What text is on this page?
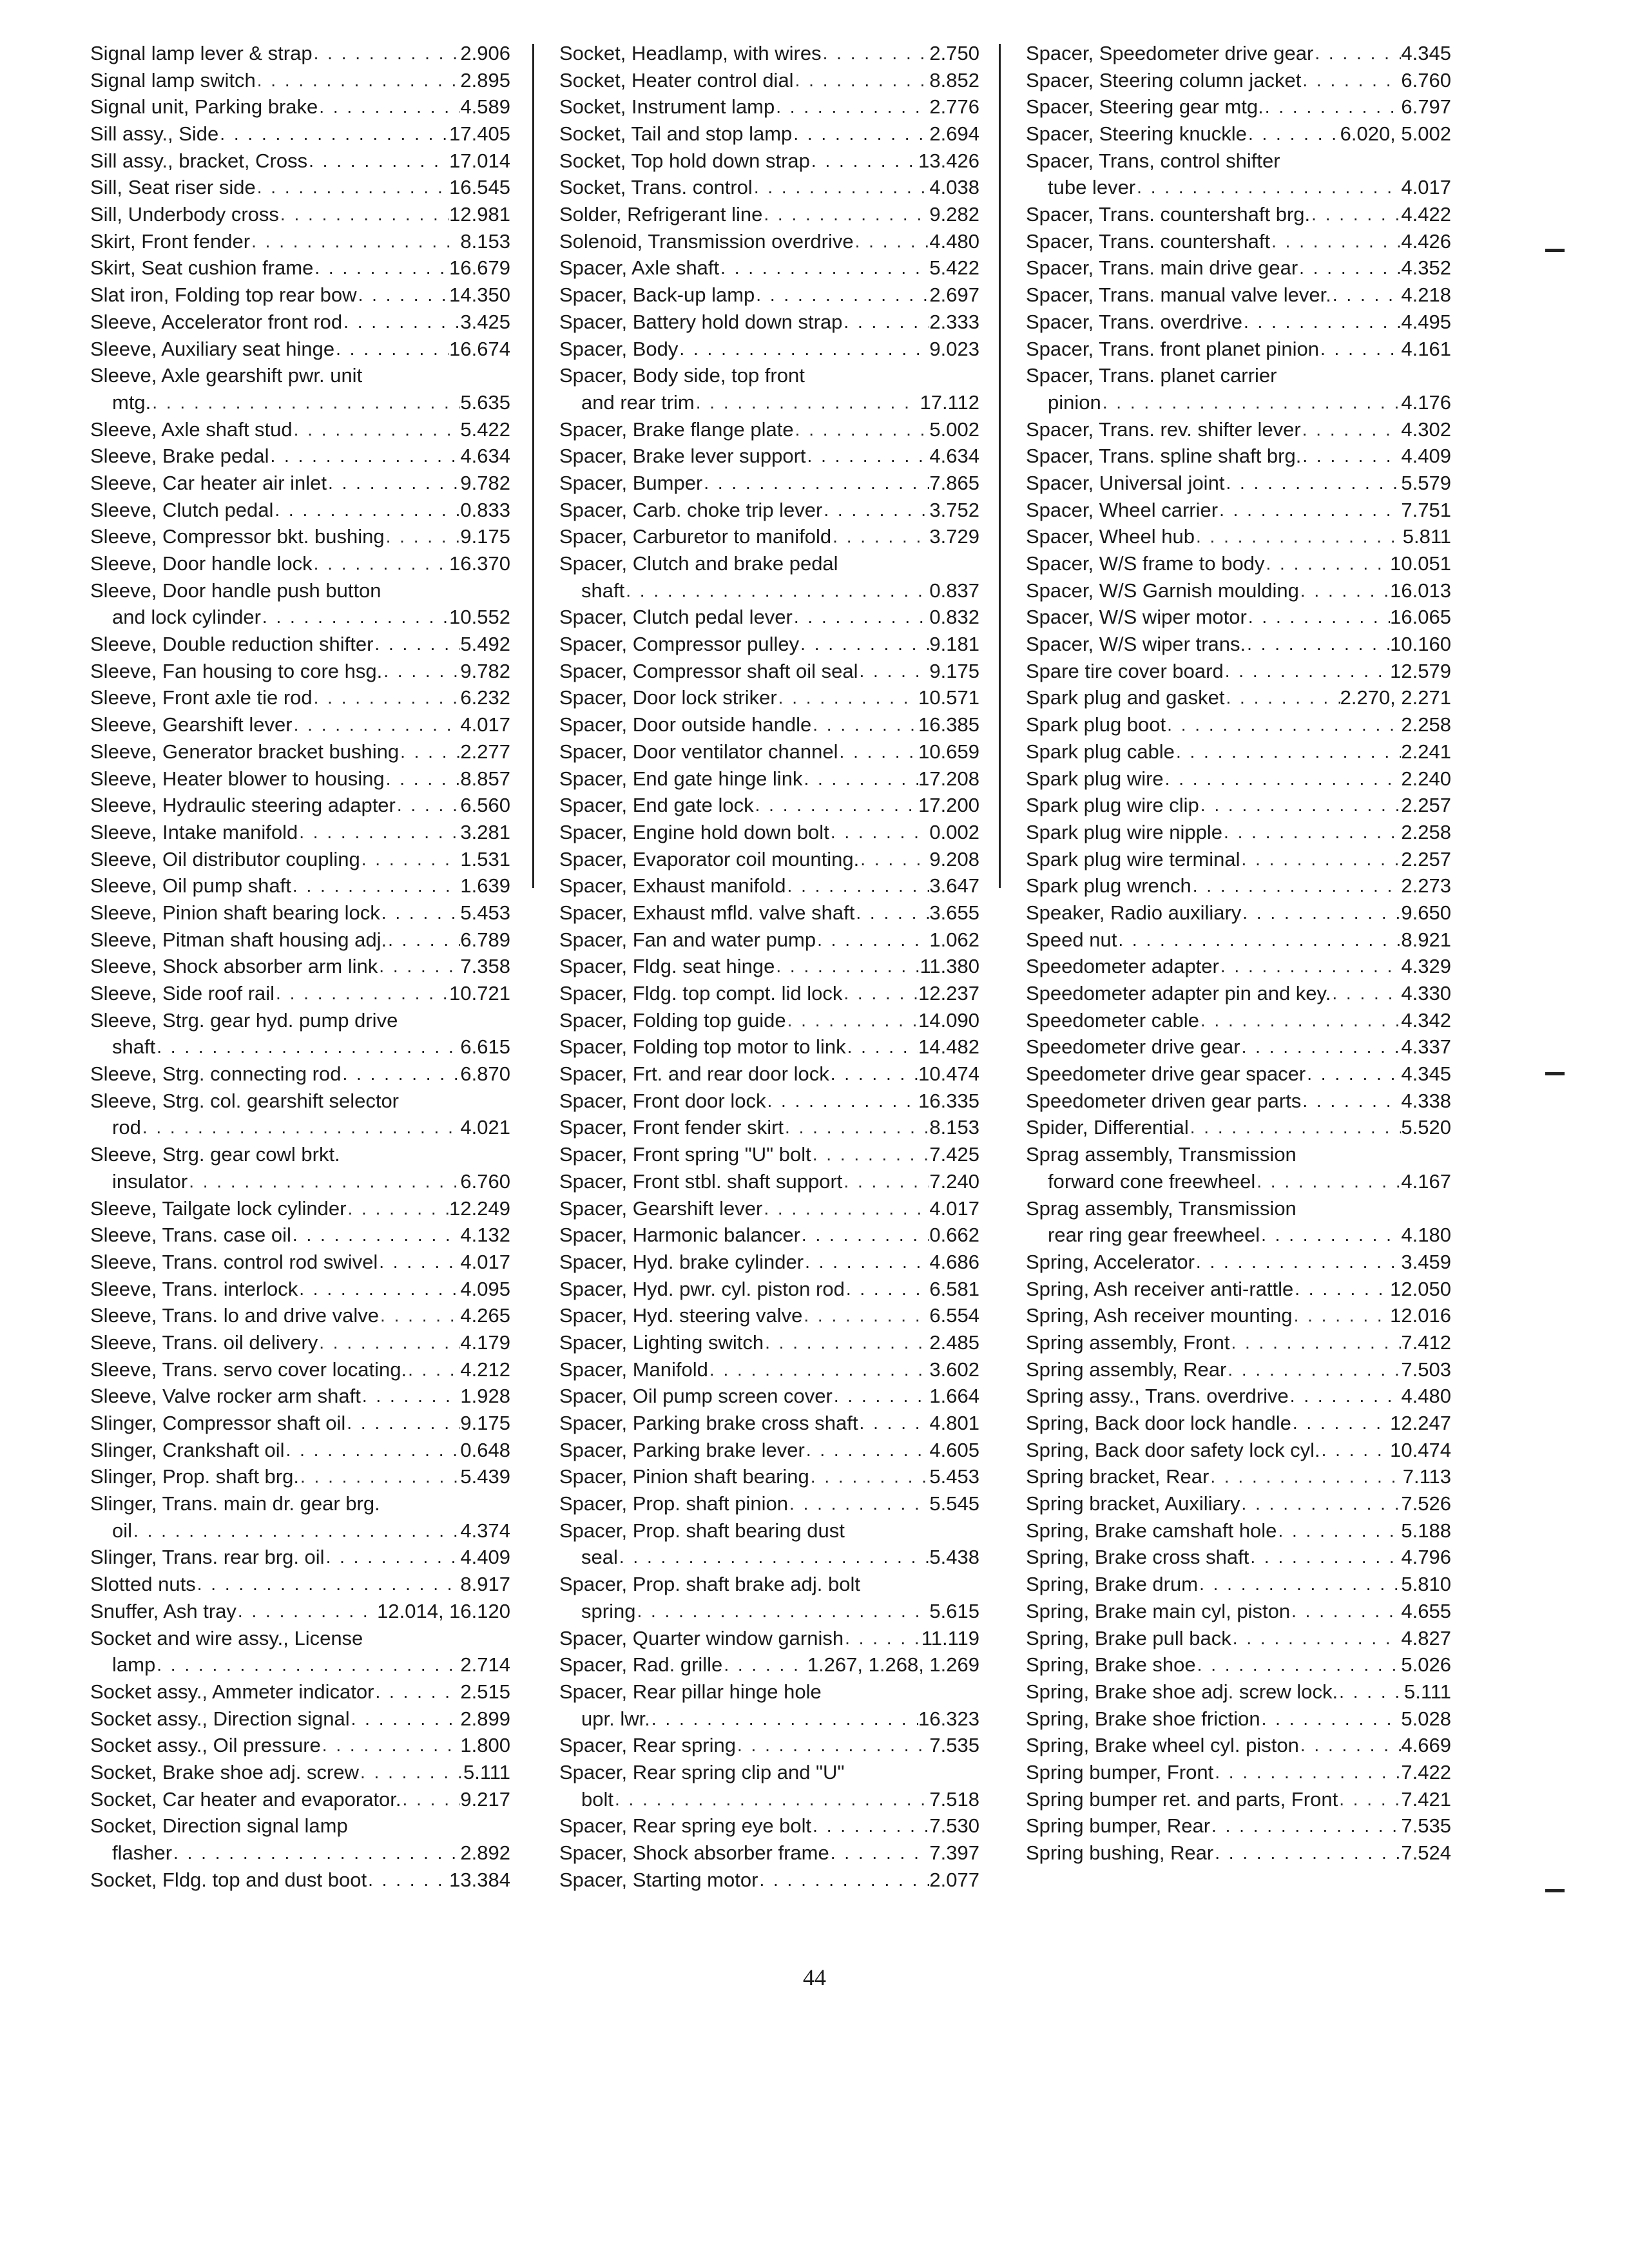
Signal lamp lever & strap . . .	2.906
Signal lamp switch . . .	2.895
Signal unit, Parking brake . . .	4.589
Sill assy., Side . . .	17.405
Sill assy., bracket, Cross . . .	17.014
Sill, Seat riser side . . .	16.545
Sill, Underbody cross . . .	12.981
Skirt, Front fender . . .	8.153
Skirt, Seat cushion frame . . .	16.679
Slat iron, Folding top rear bow . . .	14.350
Sleeve, Accelerator front rod . . .	3.425
Sleeve, Auxiliary seat hinge . . .	16.674
Sleeve, Axle gearshift pwr. unit
mtg. . . .	5.635
Sleeve, Axle shaft stud . . .	5.422
Sleeve, Brake pedal . . .	4.634
Sleeve, Car heater air inlet . . .	9.782
Sleeve, Clutch pedal . . .	0.833
Sleeve, Compressor bkt. bushing . . .	9.175
Sleeve, Door handle lock . . .	16.370
Sleeve, Door handle push button
and lock cylinder . . .	10.552
Sleeve, Double reduction shifter . . .	5.492
Sleeve, Fan housing to core hsg. . . .	9.782
Sleeve, Front axle tie rod . . .	6.232
Sleeve, Gearshift lever . . .	4.017
Sleeve, Generator bracket bushing . . .	2.277
Sleeve, Heater blower to housing . . .	8.857
Sleeve, Hydraulic steering adapter . . .	6.560
Sleeve, Intake manifold . . .	3.281
Sleeve, Oil distributor coupling . . .	1.531
Sleeve, Oil pump shaft . . .	1.639
Sleeve, Pinion shaft bearing lock . . .	5.453
Sleeve, Pitman shaft housing adj. . . .	6.789
Sleeve, Shock absorber arm link . . .	7.358
Sleeve, Side roof rail . . .	10.721
Sleeve, Strg. gear hyd. pump drive
shaft . . .	6.615
Sleeve, Strg. connecting rod . . .	6.870
Sleeve, Strg. col. gearshift selector
rod . . .	4.021
Sleeve, Strg. gear cowl brkt.
insulator . . .	6.760
Sleeve, Tailgate lock cylinder . . .	12.249
Sleeve, Trans. case oil . . .	4.132
Sleeve, Trans. control rod swivel . . .	4.017
Sleeve, Trans. interlock . . .	4.095
Sleeve, Trans. lo and drive valve . . .	4.265
Sleeve, Trans. oil delivery . . .	4.179
Sleeve, Trans. servo cover locating. . . .	4.212
Sleeve, Valve rocker arm shaft . . .	1.928
Slinger, Compressor shaft oil . . .	9.175
Slinger, Crankshaft oil . . .	0.648
Slinger, Prop. shaft brg. . . .	5.439
Slinger, Trans. main dr. gear brg.
oil . . .	4.374
Slinger, Trans. rear brg. oil . . .	4.409
Slotted nuts . . .	8.917
Snuffer, Ash tray . . .	12.014, 16.120
Socket and wire assy., License
lamp . . .	2.714
Socket assy., Ammeter indicator . . .	2.515
Socket assy., Direction signal . . .	2.899
Socket assy., Oil pressure . . .	1.800
Socket, Brake shoe adj. screw . . .	5.111
Socket, Car heater and evaporator. . . .	9.217
Socket, Direction signal lamp
flasher . . .	2.892
Socket, Fldg. top and dust boot . . .	13.384
Socket, Headlamp, with wires . . .	2.750
Socket, Heater control dial . . .	8.852
Socket, Instrument lamp . . .	2.776
Socket, Tail and stop lamp . . .	2.694
Socket, Top hold down strap . . .	13.426
Socket, Trans. control . . .	4.038
Solder, Refrigerant line . . .	9.282
Solenoid, Transmission overdrive . . .	4.480
Spacer, Axle shaft . . .	5.422
Spacer, Back-up lamp . . .	2.697
Spacer, Battery hold down strap . . .	2.333
Spacer, Body . . .	9.023
Spacer, Body side, top front
and rear trim . . .	17.112
Spacer, Brake flange plate . . .	5.002
Spacer, Brake lever support . . .	4.634
Spacer, Bumper . . .	7.865
Spacer, Carb. choke trip lever . . .	3.752
Spacer, Carburetor to manifold . . .	3.729
Spacer, Clutch and brake pedal
shaft . . .	0.837
Spacer, Clutch pedal lever . . .	0.832
Spacer, Compressor pulley . . .	9.181
Spacer, Compressor shaft oil seal . . .	9.175
Spacer, Door lock striker . . .	10.571
Spacer, Door outside handle . . .	16.385
Spacer, Door ventilator channel . . .	10.659
Spacer, End gate hinge link . . .	17.208
Spacer, End gate lock . . .	17.200
Spacer, Engine hold down bolt . . .	0.002
Spacer, Evaporator coil mounting. . . .	9.208
Spacer, Exhaust manifold . . .	3.647
Spacer, Exhaust mfld. valve shaft . . .	3.655
Spacer, Fan and water pump . . .	1.062
Spacer, Fldg. seat hinge . . .	11.380
Spacer, Fldg. top compt. lid lock . . .	12.237
Spacer, Folding top guide . . .	14.090
Spacer, Folding top motor to link . . .	14.482
Spacer, Frt. and rear door lock . . .	10.474
Spacer, Front door lock . . .	16.335
Spacer, Front fender skirt . . .	8.153
Spacer, Front spring "U" bolt . . .	7.425
Spacer, Front stbl. shaft support . . .	7.240
Spacer, Gearshift lever . . .	4.017
Spacer, Harmonic balancer . . .	0.662
Spacer, Hyd. brake cylinder . . .	4.686
Spacer, Hyd. pwr. cyl. piston rod . . .	6.581
Spacer, Hyd. steering valve . . .	6.554
Spacer, Lighting switch . . .	2.485
Spacer, Manifold . . .	3.602
Spacer, Oil pump screen cover . . .	1.664
Spacer, Parking brake cross shaft . . .	4.801
Spacer, Parking brake lever . . .	4.605
Spacer, Pinion shaft bearing . . .	5.453
Spacer, Prop. shaft pinion . . .	5.545
Spacer, Prop. shaft bearing dust
seal . . .	5.438
Spacer, Prop. shaft brake adj. bolt
spring . . .	5.615
Spacer, Quarter window garnish . . .	11.119
Spacer, Rad. grille . . .	1.267, 1.268, 1.269
Spacer, Rear pillar hinge hole
upr. lwr. . . .	16.323
Spacer, Rear spring . . .	7.535
Spacer, Rear spring clip and "U"
bolt . . .	7.518
Spacer, Rear spring eye bolt . . .	7.530
Spacer, Shock absorber frame . . .	7.397
Spacer, Starting motor . . .	2.077
Spacer, Speedometer drive gear . . .	4.345
Spacer, Steering column jacket . . .	6.760
Spacer, Steering gear mtg. . . .	6.797
Spacer, Steering knuckle . . .	6.020, 5.002
Spacer, Trans, control shifter
tube lever . . .	4.017
Spacer, Trans. countershaft brg. . . .	4.422
Spacer, Trans. countershaft . . .	4.426
Spacer, Trans. main drive gear . . .	4.352
Spacer, Trans. manual valve lever. . . .	4.218
Spacer, Trans. overdrive . . .	4.495
Spacer, Trans. front planet pinion . . .	4.161
Spacer, Trans. planet carrier
pinion . . .	4.176
Spacer, Trans. rev. shifter lever . . .	4.302
Spacer, Trans. spline shaft brg. . . .	4.409
Spacer, Universal joint . . .	5.579
Spacer, Wheel carrier . . .	7.751
Spacer, Wheel hub . . .	5.811
Spacer, W/S frame to body . . .	10.051
Spacer, W/S Garnish moulding . . .	16.013
Spacer, W/S wiper motor . . .	16.065
Spacer, W/S wiper trans. . . .	10.160
Spare tire cover board . . .	12.579
Spark plug and gasket . . .	2.270, 2.271
Spark plug boot . . .	2.258
Spark plug cable . . .	2.241
Spark plug wire . . .	2.240
Spark plug wire clip . . .	2.257
Spark plug wire nipple . . .	2.258
Spark plug wire terminal . . .	2.257
Spark plug wrench . . .	2.273
Speaker, Radio auxiliary . . .	9.650
Speed nut . . .	8.921
Speedometer adapter . . .	4.329
Speedometer adapter pin and key. . . .	4.330
Speedometer cable . . .	4.342
Speedometer drive gear . . .	4.337
Speedometer drive gear spacer . . .	4.345
Speedometer driven gear parts . . .	4.338
Spider, Differential . . .	5.520
Sprag assembly, Transmission
forward cone freewheel . . .	4.167
Sprag assembly, Transmission
rear ring gear freewheel . . .	4.180
Spring, Accelerator . . .	3.459
Spring, Ash receiver anti-rattle . . .	12.050
Spring, Ash receiver mounting . . .	12.016
Spring assembly, Front . . .	7.412
Spring assembly, Rear . . .	7.503
Spring assy., Trans. overdrive . . .	4.480
Spring, Back door lock handle . . .	12.247
Spring, Back door safety lock cyl. . . .	10.474
Spring bracket, Rear . . .	7.113
Spring bracket, Auxiliary . . .	7.526
Spring, Brake camshaft hole . . .	5.188
Spring, Brake cross shaft . . .	4.796
Spring, Brake drum . . .	5.810
Spring, Brake main cyl, piston . . .	4.655
Spring, Brake pull back . . .	4.827
Spring, Brake shoe . . .	5.026
Spring, Brake shoe adj. screw lock. . . .	5.111
Spring, Brake shoe friction . . .	5.028
Spring, Brake wheel cyl. piston . . .	4.669
Spring bumper, Front . . .	7.422
Spring bumper ret. and parts, Front . . .	7.421
Spring bumper, Rear . . .	7.535
Spring bushing, Rear . . .	7.524
44
